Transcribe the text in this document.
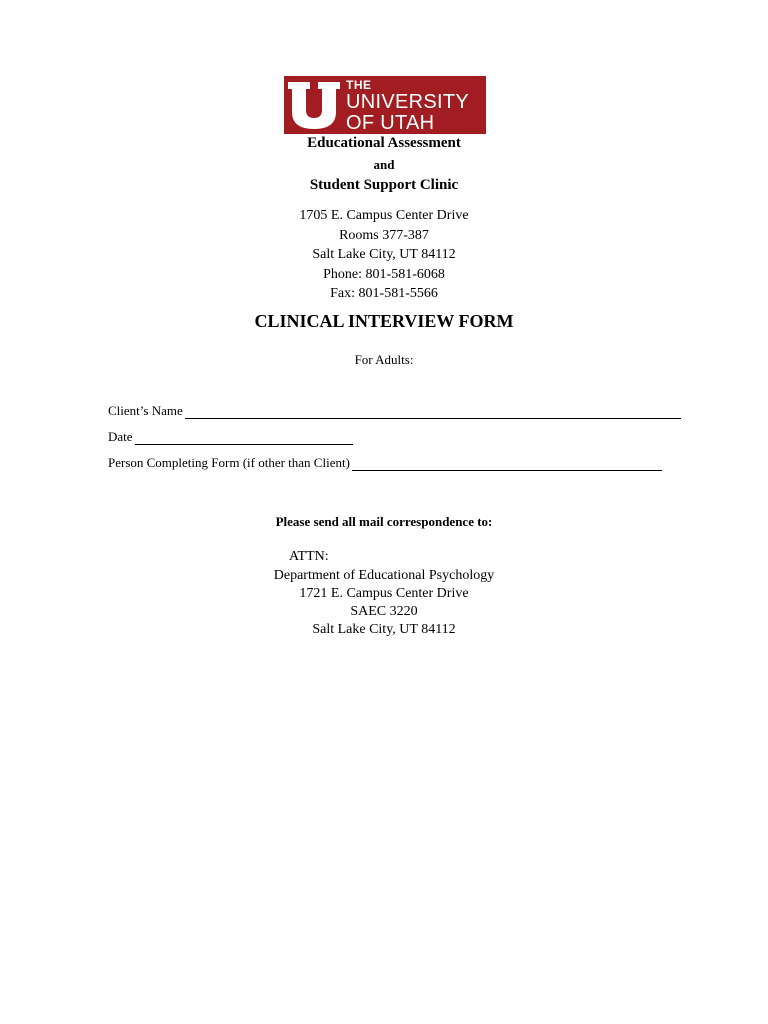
THE
UNIVERSITY
OF UTAH
Educational Assessment
and
Student Support Clinic
1705 E. Campus Center Drive
Rooms 377-387
Salt Lake City, UT 84112
Phone: 801-581-6068
Fax: 801-581-5566
CLINICAL INTERVIEW FORM
For Adults:
Client’s Name
Date
Person Completing Form (if other than Client)
Please send all mail correspondence to:
ATTN:
Department of Educational Psychology
1721 E. Campus Center Drive
SAEC 3220
Salt Lake City, UT 84112
